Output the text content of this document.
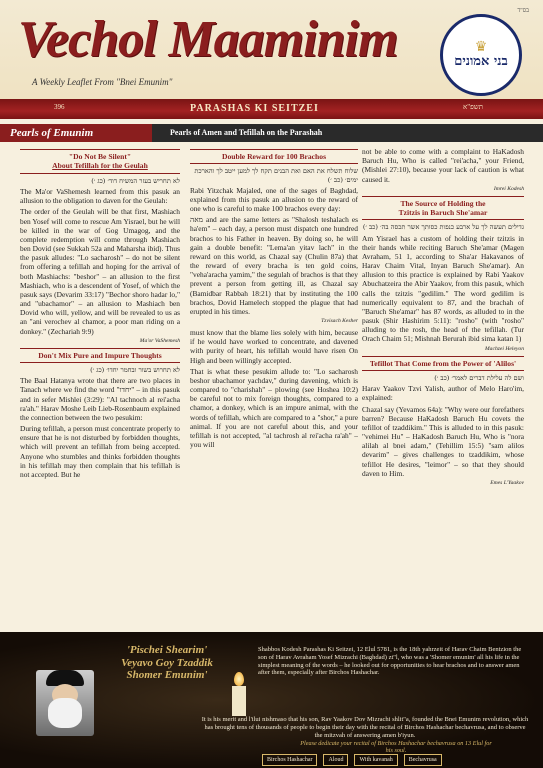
בס"ד
Vechol Maaminim
A Weekly Leaflet From "Bnei Emunim"
♛
בני אמונים
396	PARASHAS KI SEITZEI	תשפ"א
Pearls of Emunim	Pearls of Amen and Tefillah on the Parashah
"Do Not Be Silent"
About Tefillah for the Geulah
לא תחריש בעזר המשיח דוד׳ (כג ׳)

The Ma'or VaShemesh learned from this pasuk an allusion to the obligation to daven for the Geulah:

The order of the Geulah will be that first, Mashiach ben Yosef will come to rescue Am Yisrael, but he will be killed in the war of Gog Umagog, and the complete redemption will come through Mashiach ben Dovid (see Sukkah 52a and Maharsha ibid). Thus the pasuk alludes: "Lo sacharosh" – do not be silent from offering a tefillah and hoping for the arrival of both Mashiachs: "beshor" – an allusion to the first Mashiach, who is a descendent of Yosef, of which the pasuk says (Devarim 33:17) "Bechor shoro hadar lo," and "ubachamor" – an allusion to Mashiach ben Dovid who will, yellow, and will be revealed to us as an "ani verochev al chamor, a poor man riding on a donkey." (Zechariah 9:9)

Ma'or VaShemesh
Don't Mix Pure and Impure Thoughts
לא תחרוש בשור ובחמר יחדו׳ (כג ׳)

The Baal Hatanya wrote that there are two places in Tanach where we find the word "יחדו" – in this pasuk and in sefer Mishlei (3:29): "Al tachnoch al rei'acha ra'ah." Harav Moshe Leib Lieb-Rosenbaum explained the connection between the two pesukim:

During tefillah, a person must concentrate properly to ensure that he is not disturbed by forbidden thoughts, which will prevent an tefillah from being accepted. Anyone who stumbles and thinks forbidden thoughts in his tefillah may then complain that his tefillah is not accepted. But he

Double Reward for 100 Brachos
שלוח תשלח את האם ואת הבנים תקח לך למען ייטב לך והארכת ימים׳ (כב ׳)

Rabi Yitzchak Majaled, one of the sages of Baghdad, explained from this pasuk an allusion to the reward of one who is careful to make 100 brachos every day:

מאה and are the same letters as "Shalosh teshalach es ha'em" – each day, a person must dispatch one hundred brachos to his Father in heaven. By doing so, he will gain a double benefit: "Lema'an yitav lach" in the reward on this world, as Chazal say (Chulin 87a) that the reward of every bracha is ten gold coins, "veha'aracha yamim," the segulah of brachos is that they prevent a person from getting ill, as Chazal say (Bamidbar Rabbah 18:21) that by instituting the 100 brachos, Dovid Hamelech stopped the plague that had erupted in his times.

Tzvisach Kesher

must know that the blame lies solely with him, because if he would have worked to concentrate, and davened with purity of heart, his tefillah would have risen On High and been willingly accepted.

That is what these pesukim allude to: "Lo sacharosh beshor ubachamor yachdav," during davening, which is compared to "charishah" – plowing (see Hoshea 10:2) be careful not to mix foreign thoughts, compared to a chamor, a donkey, which is an impure animal, with the words of tefillah, which are compared to a "shor," a pure animal. If you are not careful about this, and your tefillah is not accepted, "al tachrosh al rei'acha ra'ah" – you will

not be able to come with a complaint to HaKadosh Baruch Hu, Who is called "rei'acha," your Friend, (Mishlei 27:10), because your lack of caution is what caused it.

Imrei Kodesh
The Source of Holding the
Tzitzis in Baruch She'amar
גדילים תעשה לך על ארבע כנפות כסותך אשר תכסה בה׳ (כב ׳)

Am Yisrael has a custom of holding their tzitzis in their hands while reciting Baruch She'amar (Magen Avraham, 51 1, according to Sha'ar Hakavanos of Harav Chaim Vital, Inyan Baruch She'amar). An allusion to this practice is explained by Rabi Yaakov Abuchatzeira the Abir Yaakov, from this pasuk, which calls the tzitzis "gedilim." The word gedilim is numerically equivalent to 87, and the brachah of "Baruch She'amar" has 87 words, as alluded to in the pasuk (Shir Hashirim 5:11): "rosho" (with "rosho" alluding to the rosh, the head of the tefillah. (Tur Orach Chaim 51; Mishnah Berurah ibid sima katan 1)

Machzei Heleyon
Tefillot That Come from the Power of 'Alilos'
ושם לה עלילת דברים לאמר׳ (כב ׳)

Harav Yaakov Tzvi Yalish, author of Melo Haro'im, explained:

Chazal say (Yevamos 64a): "Why were our forefathers barren? Because HaKadosh Baruch Hu covets the tefillot of tzaddikim." This is alluded to in this pasuk: "vehimei Hu" – HaKadosh Baruch Hu, Who is "nora alilah al bnei adam," (Tehillim 15:5) "sam alilos devarim" – gives challenges to tzaddikim, whose tefillot He desires, "leimor" – so that they should daven to Him.

Emes L'Yaakov
'Pischei Shearim'
Veyavo Goy Tzaddik
Shomer Emunim'
Shabbos Kodesh Parashas Ki Seitzei, 12 Elul 5781, is the 18th yahrzeit of Harav Chaim Bentzion the son of Harav Avraham Yosef Mizrachi (Baghdad) zt"l, who was a 'Shomer emunim' all his life in the simplest meaning of the words – he looked out for opportunities to hear brachos and to answer amen after them, especially after Birchos Hashachar.
It is his merit and l'ilui nishmaso that his son, Rav Yaakov Dov Mizrachi shlit"a, founded the Bnei Emunim revolution, which has brought tens of thousands of people to begin their day with the recital of Birchos Hashachar bechavrusa, and to observe the mitzvah of answering amen b'iyun.
Please dedicate your recital of Birchos Hashachar bechavrusa on 13 Elul for his soul.
Birchos Hashachar	Aloud	With kavanah	Bechavrusa
